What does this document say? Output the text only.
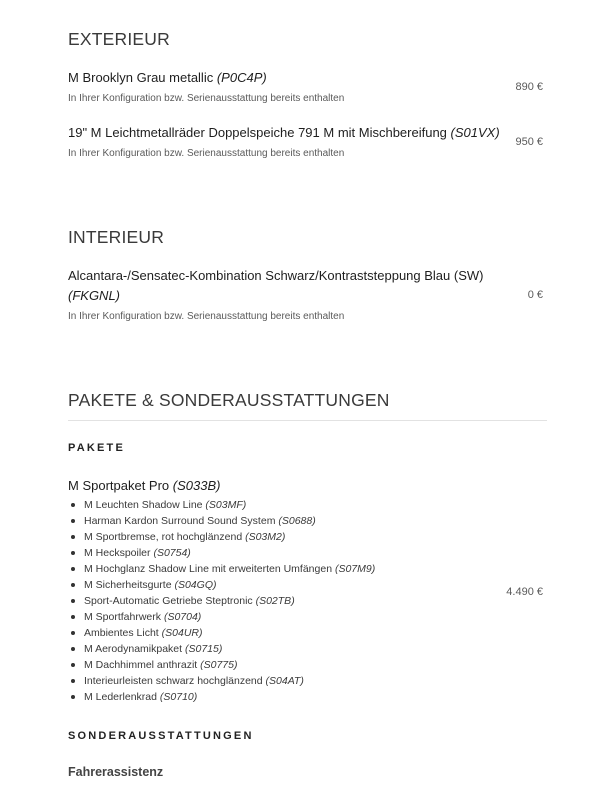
EXTERIEUR
M Brooklyn Grau metallic (P0C4P)
In Ihrer Konfiguration bzw. Serienausstattung bereits enthalten
890 €
19" M Leichtmetallräder Doppelspeiche 791 M mit Mischbereifung (S01VX)
In Ihrer Konfiguration bzw. Serienausstattung bereits enthalten
950 €
INTERIEUR
Alcantara-/Sensatec-Kombination Schwarz/Kontraststeppung Blau (SW) (FKGNL)
In Ihrer Konfiguration bzw. Serienausstattung bereits enthalten
0 €
PAKETE & SONDERAUSSTATTUNGEN
PAKETE
M Sportpaket Pro (S033B)
4.490 €
M Leuchten Shadow Line (S03MF)
Harman Kardon Surround Sound System (S0688)
M Sportbremse, rot hochglänzend (S03M2)
M Heckspoiler (S0754)
M Hochglanz Shadow Line mit erweiterten Umfängen (S07M9)
M Sicherheitsgurte (S04GQ)
Sport-Automatic Getriebe Steptronic (S02TB)
M Sportfahrwerk (S0704)
Ambientes Licht (S04UR)
M Aerodynamikpaket (S0715)
M Dachhimmel anthrazit (S0775)
Interieurleisten schwarz hochglänzend (S04AT)
M Lederlenkrad (S0710)
SONDERAUSSTATTUNGEN
Fahrerassistenz
